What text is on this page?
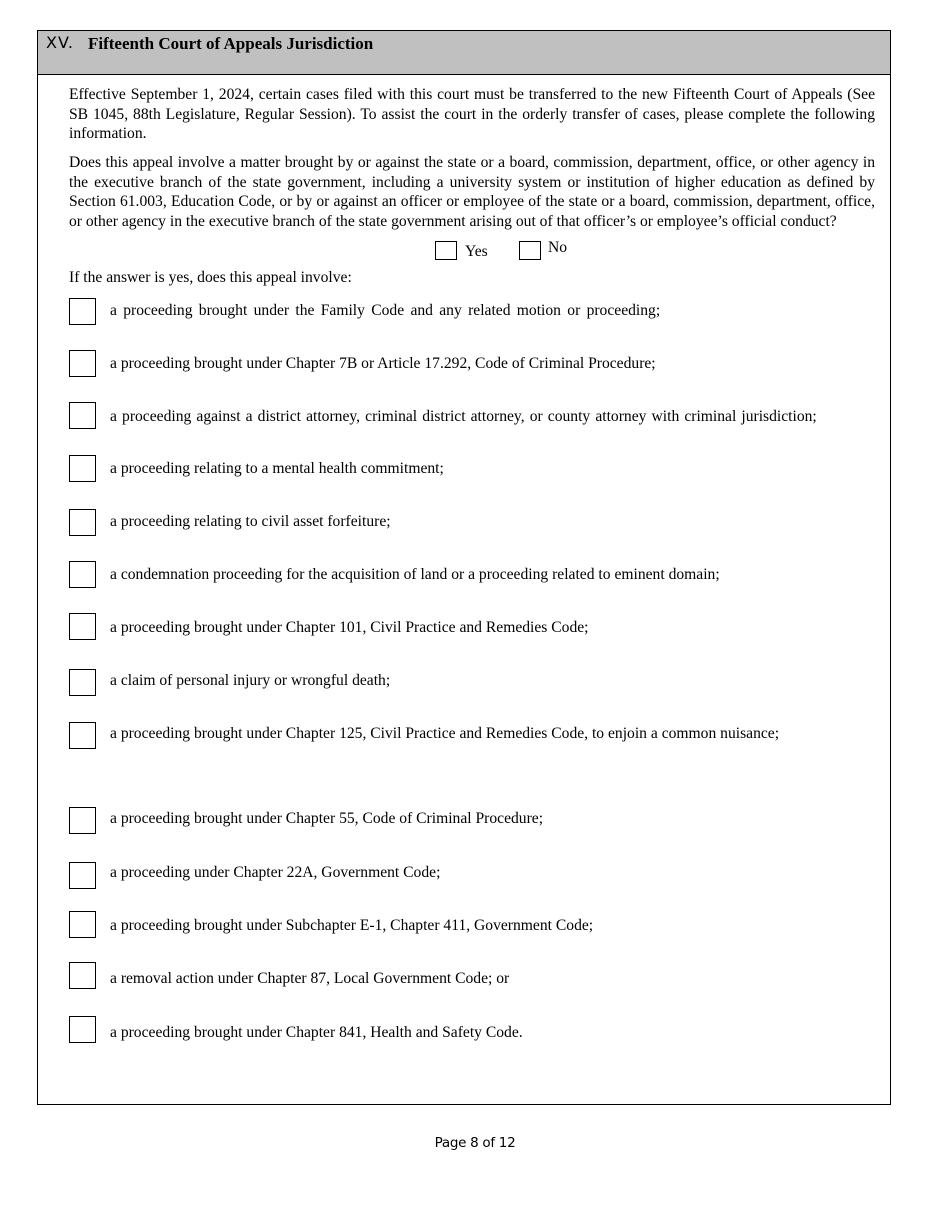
XV. Fifteenth Court of Appeals Jurisdiction

Effective September 1, 2024, certain cases filed with this court must be transferred to the new Fifteenth Court of Appeals (See SB 1045, 88th Legislature, Regular Session). To assist the court in the orderly transfer of cases, please complete the following information.

Does this appeal involve a matter brought by or against the state or a board, commission, department, office, or other agency in the executive branch of the state government, including a university system or institution of higher education as defined by Section 61.003, Education Code, or by or against an officer or employee of the state or a board, commission, department, office, or other agency in the executive branch of the state government arising out of that officer’s or employee’s official conduct?

Yes	No

If the answer is yes, does this appeal involve:

a proceeding brought under the Family Code and any related motion or proceeding;
a proceeding brought under Chapter 7B or Article 17.292, Code of Criminal Procedure;
a proceeding against a district attorney, criminal district attorney, or county attorney with criminal jurisdiction;
a proceeding relating to a mental health commitment;
a proceeding relating to civil asset forfeiture;
a condemnation proceeding for the acquisition of land or a proceeding related to eminent domain;
a proceeding brought under Chapter 101, Civil Practice and Remedies Code;
a claim of personal injury or wrongful death;
a proceeding brought under Chapter 125, Civil Practice and Remedies Code, to enjoin a common nuisance;
a proceeding brought under Chapter 55, Code of Criminal Procedure;
a proceeding under Chapter 22A, Government Code;
a proceeding brought under Subchapter E-1, Chapter 411, Government Code;
a removal action under Chapter 87, Local Government Code; or
a proceeding brought under Chapter 841, Health and Safety Code.
Page 8 of 12
